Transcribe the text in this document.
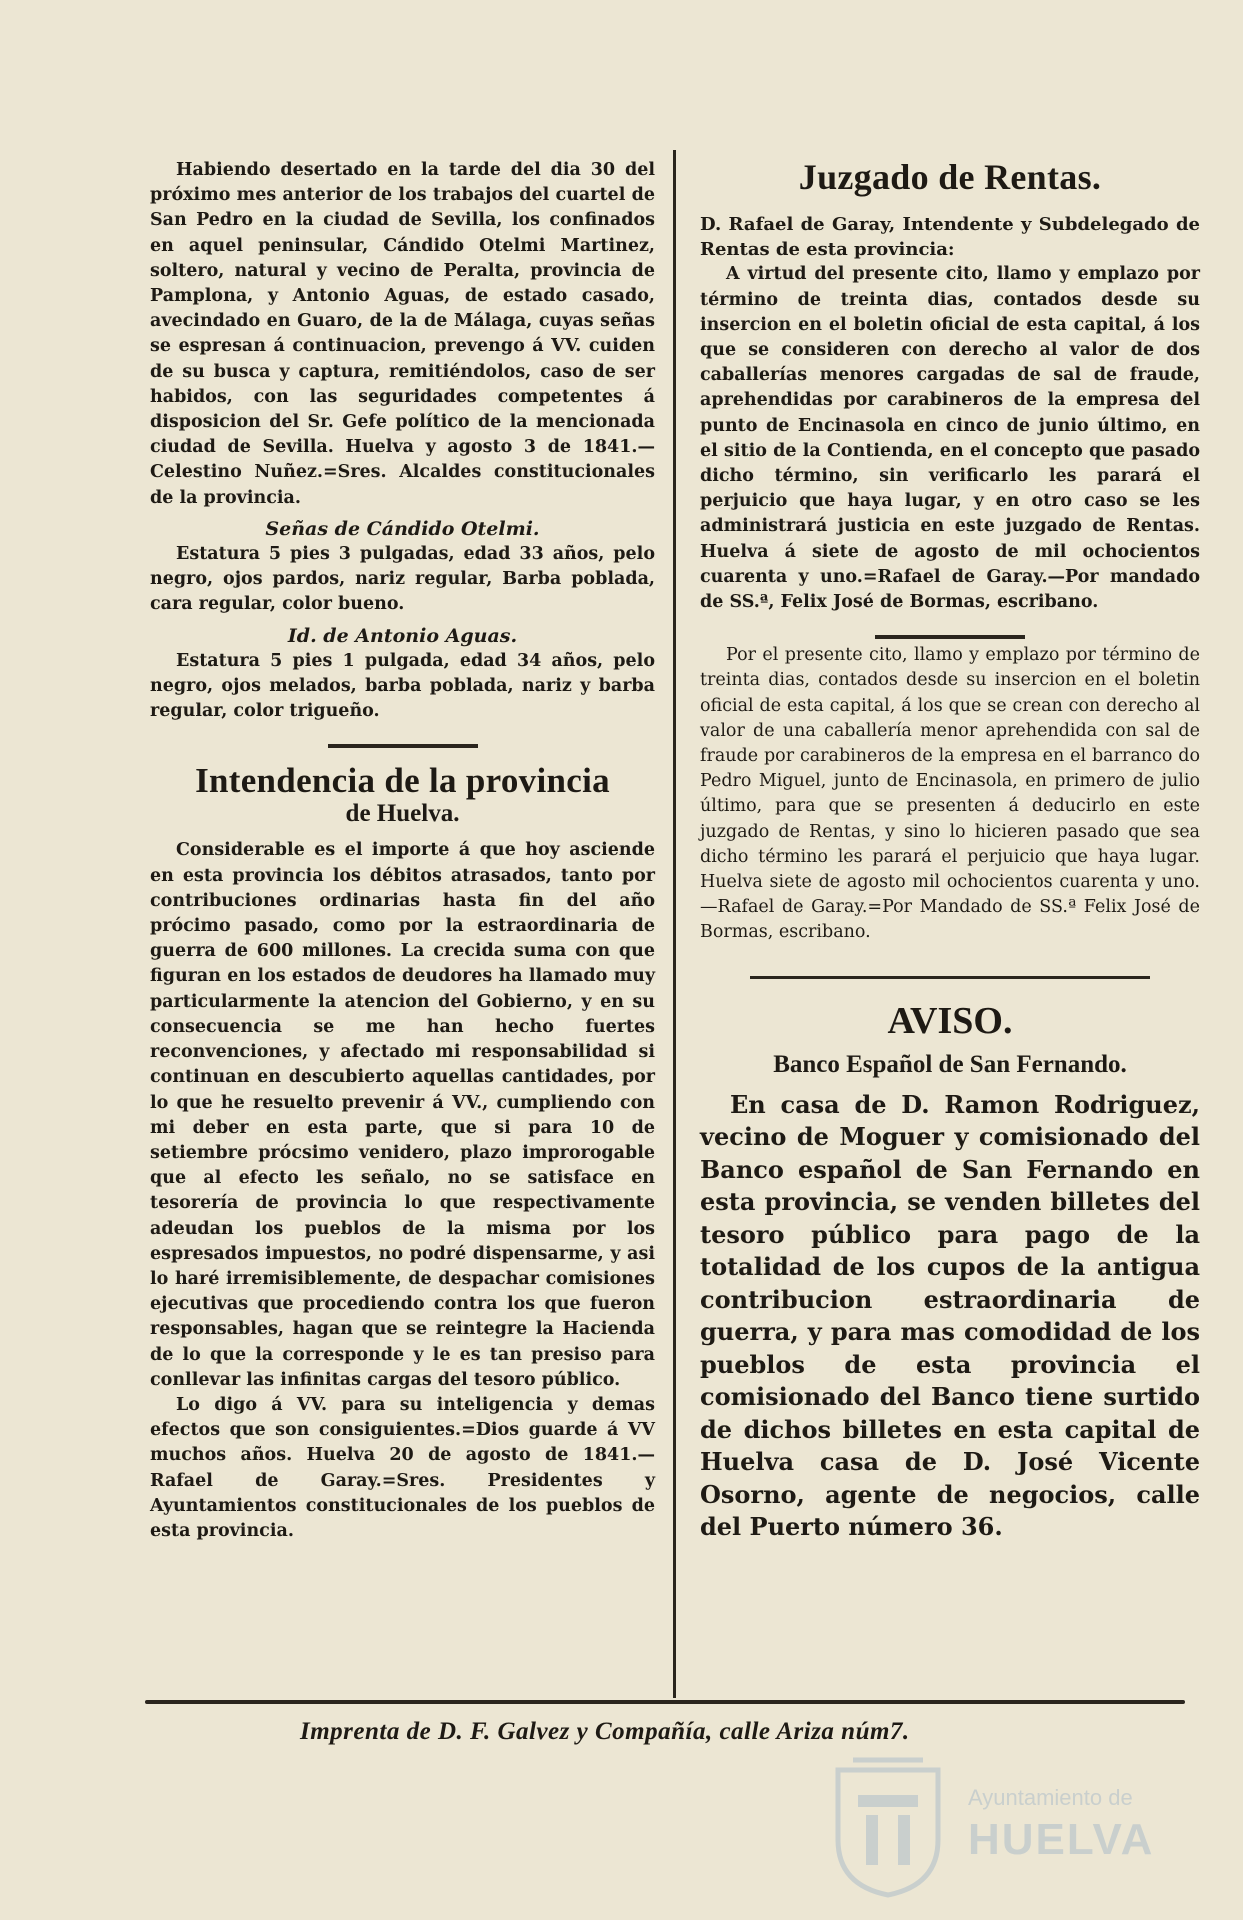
Habiendo desertado en la tarde del dia 30 del próximo mes anterior de los trabajos del cuartel de San Pedro en la ciudad de Sevilla, los confinados en aquel peninsular, Cándido Otelmi Martinez, soltero, natural y vecino de Peralta, provincia de Pamplona, y Antonio Aguas, de estado casado, avecindado en Guaro, de la de Málaga, cuyas señas se espresan á continuacion, prevengo á VV. cuiden de su busca y captura, remitiéndolos, caso de ser habidos, con las seguridades competentes á disposicion del Sr. Gefe político de la mencionada ciudad de Sevilla. Huelva y agosto 3 de 1841.—Celestino Nuñez.=Sres. Alcaldes constitucionales de la provincia.

Señas de Cándido Otelmi.

Estatura 5 pies 3 pulgadas, edad 33 años, pelo negro, ojos pardos, nariz regular, Barba poblada, cara regular, color bueno.

Id. de Antonio Aguas.

Estatura 5 pies 1 pulgada, edad 34 años, pelo negro, ojos melados, barba poblada, nariz y barba regular, color trigueño.

Intendencia de la provincia
de Huelva.

Considerable es el importe á que hoy asciende en esta provincia los débitos atrasados, tanto por contribuciones ordinarias hasta fin del año prócimo pasado, como por la estraordinaria de guerra de 600 millones. La crecida suma con que figuran en los estados de deudores ha llamado muy particularmente la atencion del Gobierno, y en su consecuencia se me han hecho fuertes reconvenciones, y afectado mi responsabilidad si continuan en descubierto aquellas cantidades, por lo que he resuelto prevenir á VV., cumpliendo con mi deber en esta parte, que si para 10 de setiembre prócsimo venidero, plazo improrogable que al efecto les señalo, no se satisface en tesorería de provincia lo que respectivamente adeudan los pueblos de la misma por los espresados impuestos, no podré dispensarme, y asi lo haré irremisiblemente, de despachar comisiones ejecutivas que procediendo contra los que fueron responsables, hagan que se reintegre la Hacienda de lo que la corresponde y le es tan presiso para conllevar las infinitas cargas del tesoro público.

Lo digo á VV. para su inteligencia y demas efectos que son consiguientes.=Dios guarde á VV muchos años. Huelva 20 de agosto de 1841.—Rafael de Garay.=Sres. Presidentes y Ayuntamientos constitucionales de los pueblos de esta provincia.

Juzgado de Rentas.

D. Rafael de Garay, Intendente y Subdelegado de Rentas de esta provincia:

A virtud del presente cito, llamo y emplazo por término de treinta dias, contados desde su insercion en el boletin oficial de esta capital, á los que se consideren con derecho al valor de dos caballerías menores cargadas de sal de fraude, aprehendidas por carabineros de la empresa del punto de Encinasola en cinco de junio último, en el sitio de la Contienda, en el concepto que pasado dicho término, sin verificarlo les parará el perjuicio que haya lugar, y en otro caso se les administrará justicia en este juzgado de Rentas. Huelva á siete de agosto de mil ochocientos cuarenta y uno.=Rafael de Garay.—Por mandado de SS.ª, Felix José de Bormas, escribano.

Por el presente cito, llamo y emplazo por término de treinta dias, contados desde su insercion en el boletin oficial de esta capital, á los que se crean con derecho al valor de una caballería menor aprehendida con sal de fraude por carabineros de la empresa en el barranco do Pedro Miguel, junto de Encinasola, en primero de julio último, para que se presenten á deducirlo en este juzgado de Rentas, y sino lo hicieren pasado que sea dicho término les parará el perjuicio que haya lugar. Huelva siete de agosto mil ochocientos cuarenta y uno.—Rafael de Garay.=Por Mandado de SS.ª Felix José de Bormas, escribano.

AVISO.
Banco Español de San Fernando.

En casa de D. Ramon Rodriguez, vecino de Moguer y comisionado del Banco español de San Fernando en esta provincia, se venden billetes del tesoro público para pago de la totalidad de los cupos de la antigua contribucion estraordinaria de guerra, y para mas comodidad de los pueblos de esta provincia el comisionado del Banco tiene surtido de dichos billetes en esta capital de Huelva casa de D. José Vicente Osorno, agente de negocios, calle del Puerto número 36.

Imprenta de D. F. Galvez y Compañía, calle Ariza núm7.
Ayuntamiento de
HUELVA
